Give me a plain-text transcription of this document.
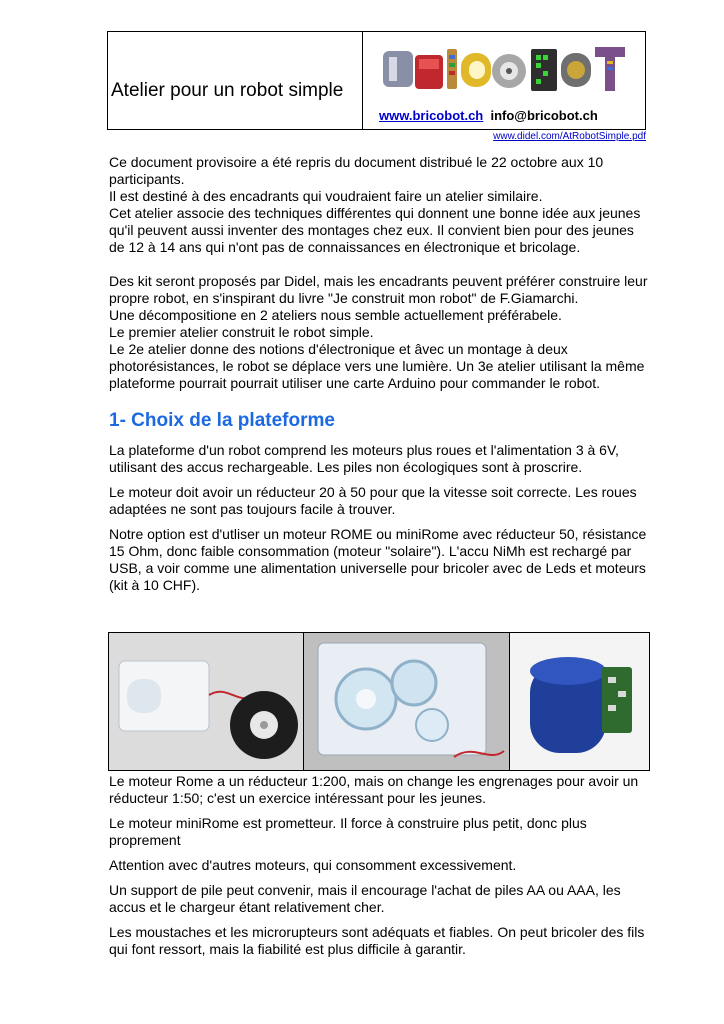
Atelier pour un robot simple
www.bricobot.ch info@bricobot.ch
www.didel.com/AtRobotSimple.pdf

Ce document provisoire a été repris du document distribué le 22 octobre aux 10 participants.

Il est destiné à des encadrants qui voudraient faire un atelier similaire.

Cet atelier associe des techniques différentes qui donnent une bonne idée aux jeunes qu'il peuvent aussi inventer des montages chez eux. Il convient bien pour des jeunes de 12 à 14 ans qui n'ont pas de connaissances en électronique et bricolage.

Des kit seront proposés par Didel, mais les encadrants peuvent préférer construire leur propre robot, en s'inspirant du livre "Je construit mon robot" de F.Giamarchi.

Une décompositione en 2 ateliers nous semble actuellement préférabele.

Le premier atelier construit le robot simple.

Le 2e atelier donne des notions d'électronique et âvec un montage à deux photorésistances, le robot se déplace vers une lumière. Un 3e atelier utilisant la même plateforme pourrait pourrait utiliser une carte Arduino pour commander le robot.

1- Choix de la plateforme

La plateforme d'un robot comprend les moteurs plus roues et l'alimentation 3 à 6V, utilisant des accus rechargeable. Les piles non écologiques sont à proscrire.

Le moteur doit avoir un réducteur 20 à 50 pour que la vitesse soit correcte. Les roues adaptées ne sont pas toujours facile à trouver.

Notre option est d'utliser un moteur ROME ou miniRome avec réducteur 50, résistance 15 Ohm, donc faible consommation (moteur "solaire"). L'accu NiMh est rechargé par USB, a voir comme une alimentation universelle pour bricoler avec de Leds et moteurs (kit à 10 CHF).

Le moteur Rome a un réducteur 1:200, mais on change les engrenages pour avoir un réducteur 1:50; c'est un exercice intéressant pour les jeunes.

Le moteur miniRome est prometteur. Il force à construire plus petit, donc plus proprement

Attention avec d'autres moteurs, qui consomment excessivement.

Un support de pile peut convenir, mais il encourage l'achat de piles AA ou AAA, les accus et le chargeur étant relativement cher.

Les moustaches et les microrupteurs sont adéquats et fiables. On peut bricoler des fils qui font ressort, mais la fiabilité est plus difficile à garantir.
